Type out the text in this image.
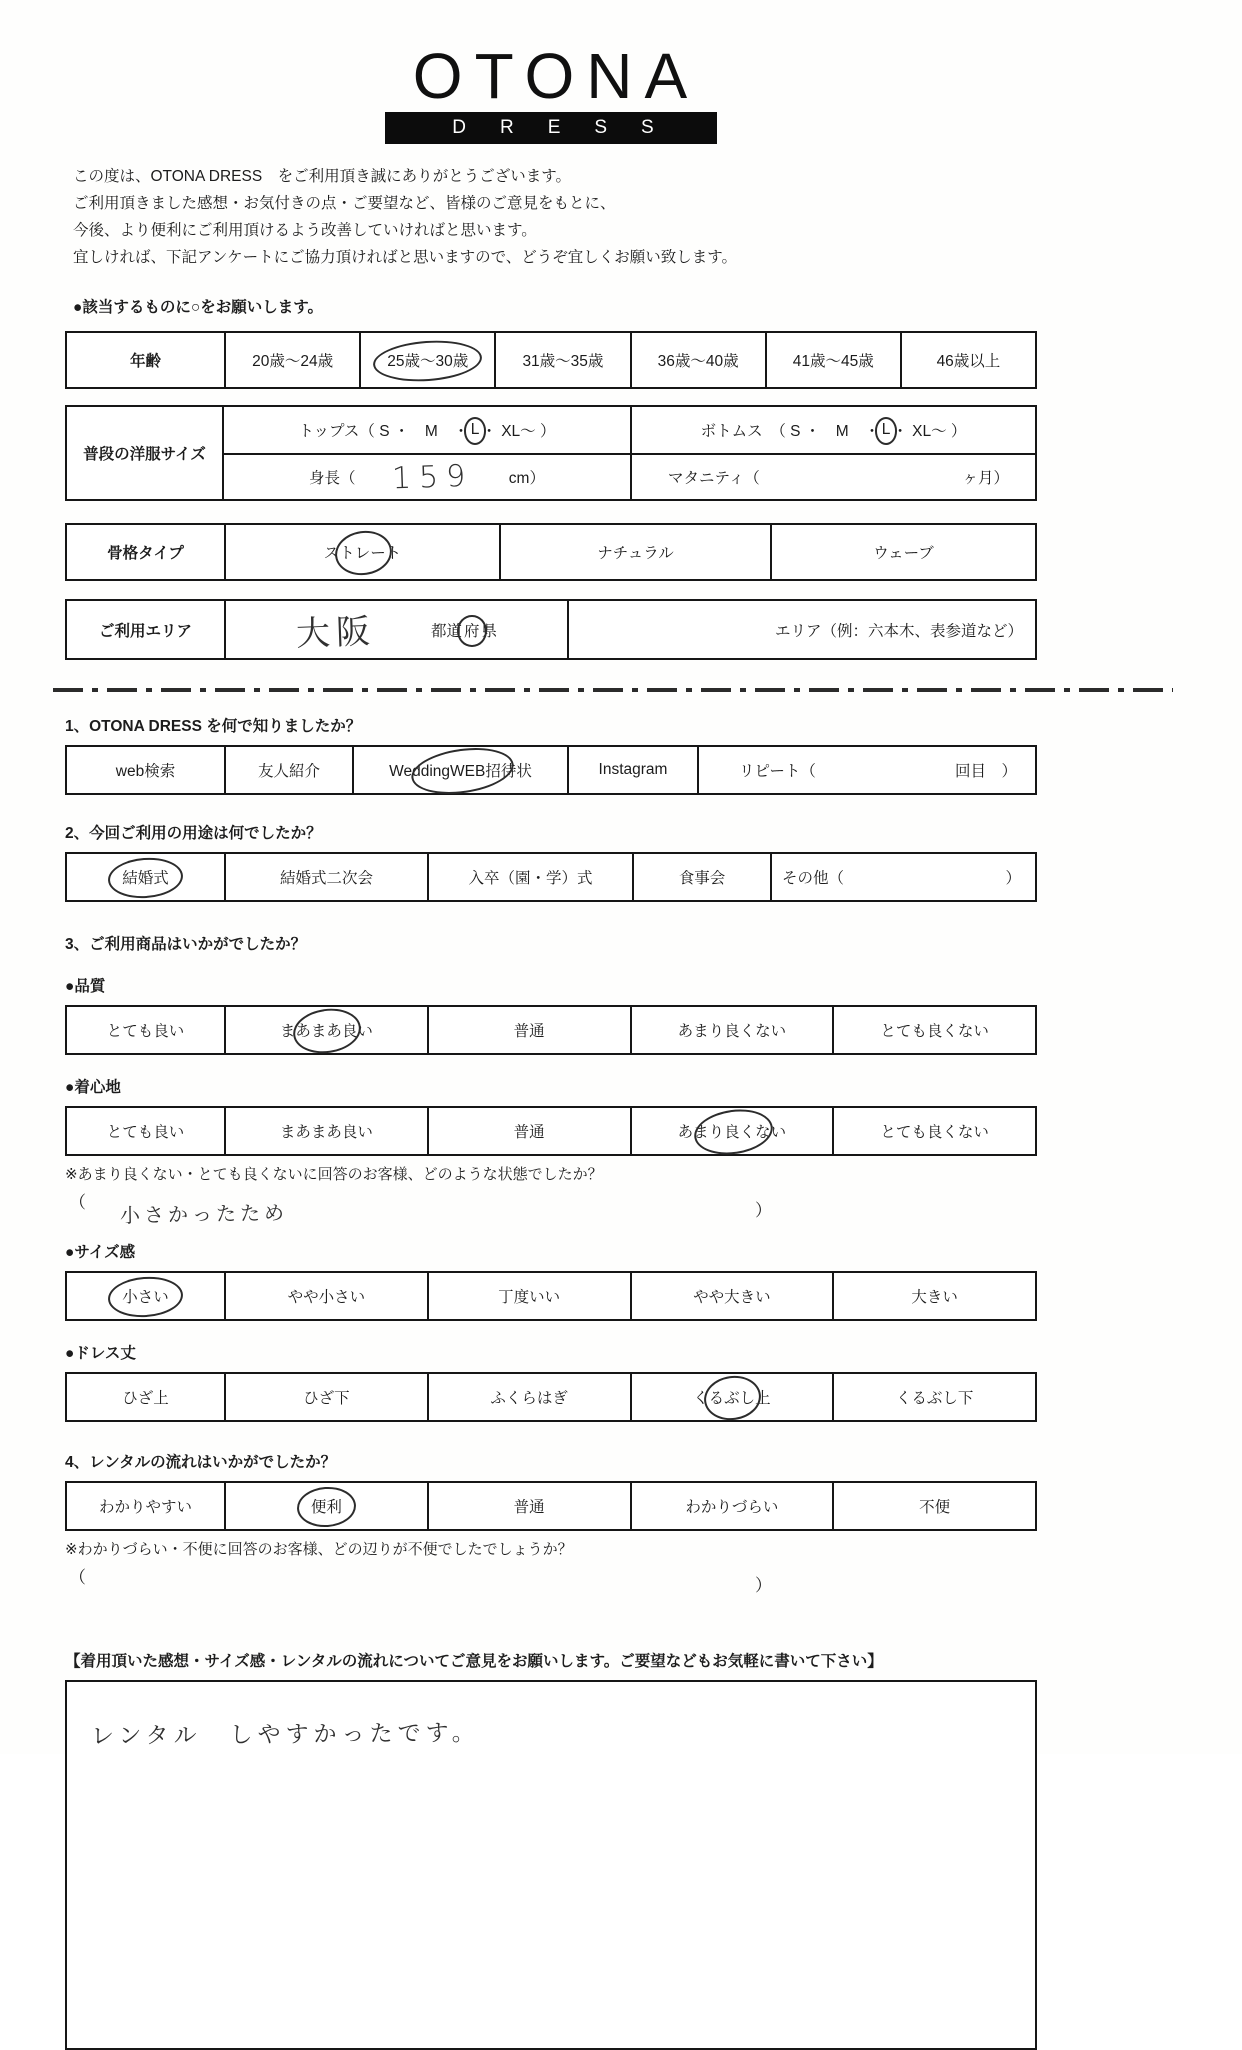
OTONA
DRESS

この度は、OTONA DRESS　をご利用頂き誠にありがとうございます。

ご利用頂きました感想・お気付きの点・ご要望など、皆様のご意見をもとに、

今後、より便利にご利用頂けるよう改善していければと思います。

宜しければ、下記アンケートにご協力頂ければと思いますので、どうぞ宜しくお願い致します。

●該当するものに○をお願いします。
年齢	20歳〜24歳	25歳〜30歳	31歳〜35歳	36歳〜40歳	41歳〜45歳	46歳以上
普段の洋服サイズ
トップス（ S ・　M　・ L ・ XL〜 ）	ボトムス　（ S ・　M　・ L ・ XL〜 ）
身長（ 159 cm）	マタニティ（	ヶ月）
骨格タイプ	ストレート	ナチュラル	ウェーブ
ご利用エリア	大阪	都道 府 県	エリア（例：六本木、表参道など）
1、OTONA DRESS を何で知りましたか？
web検索	友人紹介	WeddingWEB招待状	Instagram	リピート（	回目　）
2、今回ご利用の用途は何でしたか？
結婚式	結婚式二次会	入卒（園・学）式	食事会	その他（	）
3、ご利用商品はいかがでしたか？
●品質
とても良い	まあまあ良い	普通	あまり良くない	とても良くない
●着心地
とても良い	まあまあ良い	普通	あまり良くない	とても良くない
※あまり良くない・とても良くないに回答のお客様、どのような状態でしたか？
（ 小さかったため	）
●サイズ感
小さい	やや小さい	丁度いい	やや大きい	大きい
●ドレス丈
ひざ上	ひざ下	ふくらはぎ	くるぶし上	くるぶし下
4、レンタルの流れはいかがでしたか？
わかりやすい	便利	普通	わかりづらい	不便
※わかりづらい・不便に回答のお客様、どの辺りが不便でしたでしょうか？
（	）
【着用頂いた感想・サイズ感・レンタルの流れについてご意見をお願いします。ご要望などもお気軽に書いて下さい】
レンタル　しやすかったです。
